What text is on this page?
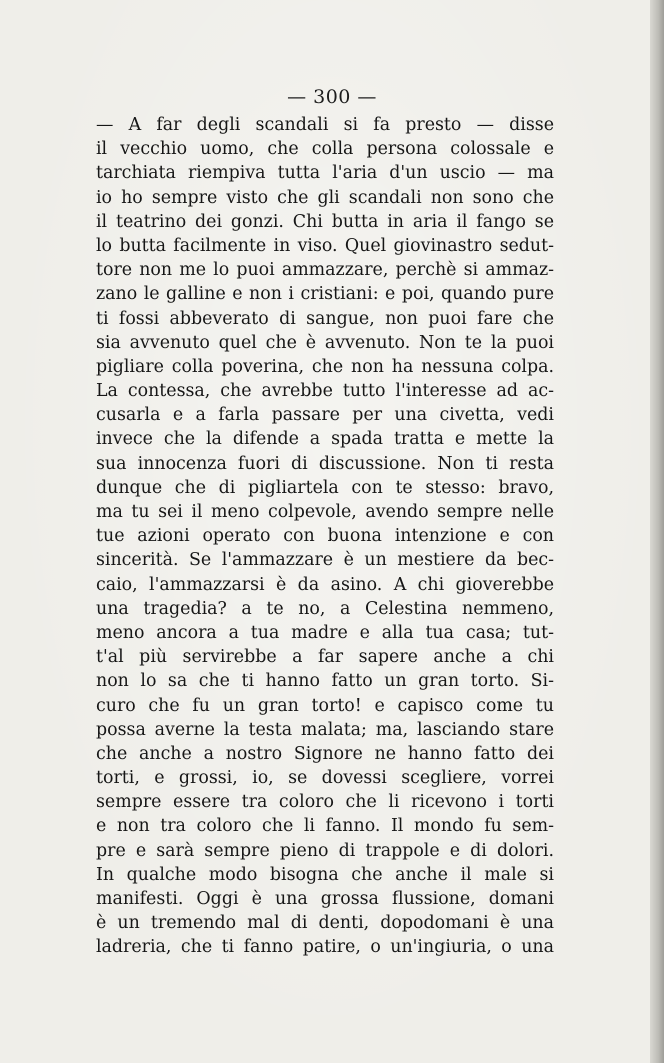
— 300 —
— A far degli scandali si fa presto — disse
il vecchio uomo, che colla persona colossale e
tarchiata riempiva tutta l'aria d'un uscio — ma
io ho sempre visto che gli scandali non sono che
il teatrino dei gonzi. Chi butta in aria il fango se
lo butta facilmente in viso. Quel giovinastro sedut-
tore non me lo puoi ammazzare, perchè si ammaz-
zano le galline e non i cristiani: e poi, quando pure
ti fossi abbeverato di sangue, non puoi fare che
sia avvenuto quel che è avvenuto. Non te la puoi
pigliare colla poverina, che non ha nessuna colpa.
La contessa, che avrebbe tutto l'interesse ad ac-
cusarla e a farla passare per una civetta, vedi
invece che la difende a spada tratta e mette la
sua innocenza fuori di discussione. Non ti resta
dunque che di pigliartela con te stesso: bravo,
ma tu sei il meno colpevole, avendo sempre nelle
tue azioni operato con buona intenzione e con
sincerità. Se l'ammazzare è un mestiere da bec-
caio, l'ammazzarsi è da asino. A chi gioverebbe
una tragedia? a te no, a Celestina nemmeno,
meno ancora a tua madre e alla tua casa; tut-
t'al più servirebbe a far sapere anche a chi
non lo sa che ti hanno fatto un gran torto. Si-
curo che fu un gran torto! e capisco come tu
possa averne la testa malata; ma, lasciando stare
che anche a nostro Signore ne hanno fatto dei
torti, e grossi, io, se dovessi scegliere, vorrei
sempre essere tra coloro che li ricevono i torti
e non tra coloro che li fanno. Il mondo fu sem-
pre e sarà sempre pieno di trappole e di dolori.
In qualche modo bisogna che anche il male si
manifesti. Oggi è una grossa flussione, domani
è un tremendo mal di denti, dopodomani è una
ladreria, che ti fanno patire, o un'ingiuria, o una
